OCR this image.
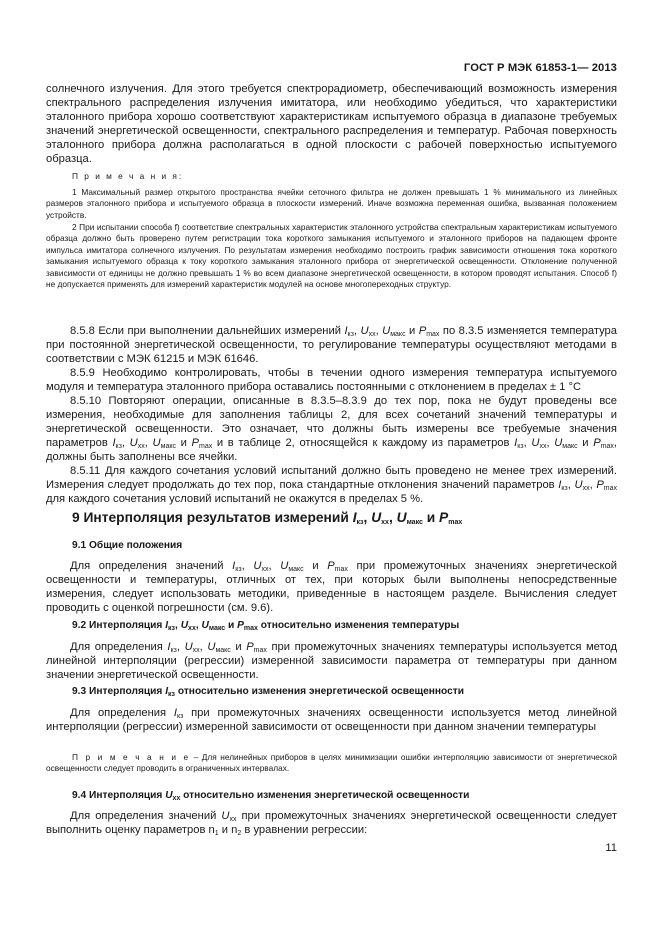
ГОСТ Р МЭК 61853-1— 2013

солнечного излучения. Для этого требуется спектрорадиометр, обеспечивающий возможность измерения спектрального распределения излучения имитатора, или необходимо убедиться, что характеристики эталонного прибора хорошо соответствуют характеристикам испытуемого образца в диапазоне требуемых значений энергетической освещенности, спектрального распределения и температур. Рабочая поверхность эталонного прибора должна располагаться в одной плоскости с рабочей поверхностью испытуемого образца.

П р и м е ч а н и я:

1 Максимальный размер открытого пространства ячейки сеточного фильтра не должен превышать 1 % минимального из линейных размеров эталонного прибора и испытуемого образца в плоскости измерений. Иначе возможна переменная ошибка, вызванная положением устройств.

2 При испытании способа f) соответствие спектральных характеристик эталонного устройства спектральным характеристикам испытуемого образца должно быть проверено путем регистрации тока короткого замыкания испытуемого и эталонного приборов на падающем фронте импульса имитатора солнечного излучения. По результатам измерения необходимо построить график зависимости отношения тока короткого замыкания испытуемого образца к току короткого замыкания эталонного прибора от энергетической освещенности. Отклонение полученной зависимости от единицы не должно превышать 1 % во всем диапазоне энергетической освещенности, в котором проводят испытания. Способ f) не допускается применять для измерений характеристик модулей на основе многопереходных структур.

8.5.8 Если при выполнении дальнейших измерений $I_{кз}$, $U_{хх}$, $U_{макс}$ и $P_{max}$ по 8.3.5 изменяется температура при постоянной энергетической освещенности, то регулирование температуры осуществляют методами в соответствии с МЭК 61215 и МЭК 61646.

8.5.9 Необходимо контролировать, чтобы в течении одного измерения температура испытуемого модуля и температура эталонного прибора оставались постоянными с отклонением в пределах ± 1 °С

8.5.10 Повторяют операции, описанные в 8.3.5–8.3.9 до тех пор, пока не будут проведены все измерения, необходимые для заполнения таблицы 2, для всех сочетаний значений температуры и энергетической освещенности. Это означает, что должны быть измерены все требуемые значения параметров $I_{кз}$, $U_{хх}$, $U_{макс}$ и $P_{max}$ и в таблице 2, относящейся к каждому из параметров $I_{кз}$, $U_{хх}$, $U_{макс}$ и $P_{max}$, должны быть заполнены все ячейки.

8.5.11 Для каждого сочетания условий испытаний должно быть проведено не менее трех измерений. Измерения следует продолжать до тех пор, пока стандартные отклонения значений параметров $I_{кз}$, $U_{хх}$, $P_{max}$ для каждого сочетания условий испытаний не окажутся в пределах 5 %.

9 Интерполяция результатов измерений $I_{кз}$, $U_{хх}$, $U_{макс}$ и $P_{max}$

9.1 Общие положения

Для определения значений $I_{кз}$, $U_{хх}$, $U_{макс}$ и $P_{max}$ при промежуточных значениях энергетической освещенности и температуры, отличных от тех, при которых были выполнены непосредственные измерения, следует использовать методики, приведенные в настоящем разделе. Вычисления следует проводить с оценкой погрешности (см. 9.6).

9.2 Интерполяция $I_{кз}$, $U_{хх}$, $U_{макс}$ и $P_{max}$ относительно изменения температуры

Для определения $I_{кз}$, $U_{хх}$, $U_{макс}$ и $P_{max}$ при промежуточных значениях температуры используется метод линейной интерполяции (регрессии) измеренной зависимости параметра от температуры при данном значении энергетической освещенности.

9.3 Интерполяция $I_{кз}$ относительно изменения энергетической освещенности

Для определения $I_{кз}$ при промежуточных значениях освещенности используется метод линейной интерполяции (регрессии) измеренной зависимости от освещенности при данном значении температуры

П р и м е ч а н и е – Для нелинейных приборов в целях минимизации ошибки интерполяцию зависимости от энергетической освещенности следует проводить в ограниченных интервалах.

9.4 Интерполяция $U_{хх}$ относительно изменения энергетической освещенности

Для определения значений $U_{хх}$ при промежуточных значениях энергетической освещенности следует выполнить оценку параметров $n_1$ и $n_2$ в уравнении регрессии:

11
